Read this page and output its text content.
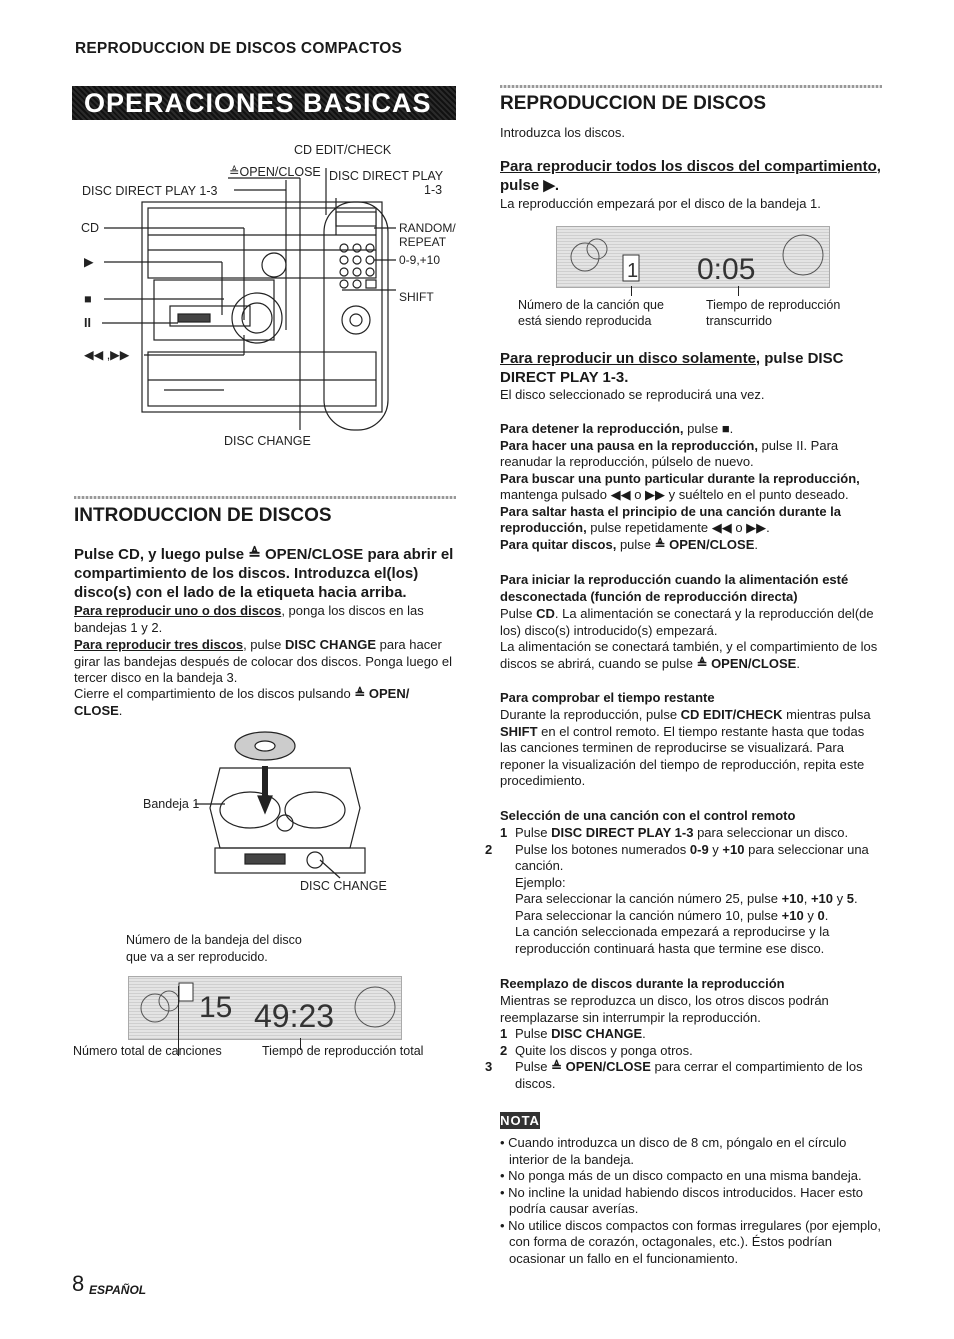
REPRODUCCION DE DISCOS COMPACTOS
OPERACIONES BASICAS
CD EDIT/CHECK
≜OPEN/CLOSE DISC DIRECT PLAY
1-3
DISC DIRECT PLAY 1-3
CD
▶
■
II
◀◀ ,▶▶
RANDOM/
REPEAT
0-9,+10
SHIFT
DISC CHANGE
INTRODUCCION DE DISCOS
Pulse CD, y luego pulse ≜ OPEN/CLOSE para abrir el compartimiento de los discos. Introduzca el(los) disco(s) con el lado de la etiqueta hacia arriba.
Para reproducir uno o dos discos, ponga los discos en las bandejas 1 y 2.
Para reproducir tres discos, pulse DISC CHANGE para hacer girar las bandejas después de colocar dos discos. Ponga luego el tercer disco en la bandeja 3.
Cierre el compartimiento de los discos pulsando ≜ OPEN/ CLOSE.
Bandeja 1
DISC CHANGE
Número de la bandeja del disco
que va a ser reproducido.
15 49:23
Número total de canciones	Tiempo de reproducción total
8 ESPAÑOL
REPRODUCCION DE DISCOS
Introduzca los discos.
Para reproducir todos los discos del compartimiento, pulse ▶.
La reproducción empezará por el disco de la bandeja 1.
1 0:05
Número de la canción que
está siendo reproducida
Tiempo de reproducción
transcurrido
Para reproducir un disco solamente, pulse DISC DIRECT PLAY 1-3.
El disco seleccionado se reproducirá una vez.
Para detener la reproducción, pulse ■.
Para hacer una pausa en la reproducción, pulse II. Para reanudar la reproducción, púlselo de nuevo.
Para buscar una punto particular durante la reproducción, mantenga pulsado ◀◀ o ▶▶ y suéltelo en el punto deseado.
Para saltar hasta el principio de una canción durante la reproducción, pulse repetidamente ◀◀ o ▶▶.
Para quitar discos, pulse ≜ OPEN/CLOSE.
Para iniciar la reproducción cuando la alimentación esté desconectada (función de reproducción directa)
Pulse CD. La alimentación se conectará y la reproducción del(de los) disco(s) introducido(s) empezará.
La alimentación se conectará también, y el compartimiento de los discos se abrirá, cuando se pulse ≜ OPEN/CLOSE.
Para comprobar el tiempo restante
Durante la reproducción, pulse CD EDIT/CHECK mientras pulsa SHIFT en el control remoto. El tiempo restante hasta que todas las canciones terminen de reproducirse se visualizará. Para reponer la visualización del tiempo de reproducción, repita este procedimiento.
Selección de una canción con el control remoto
1 Pulse DISC DIRECT PLAY 1-3 para seleccionar un disco.
2 Pulse los botones numerados 0-9 y +10 para seleccionar una canción.
Ejemplo:
Para seleccionar la canción número 25, pulse +10, +10 y 5.
Para seleccionar la canción número 10, pulse +10 y 0.
La canción seleccionada empezará a reproducirse y la reproducción continuará hasta que termine ese disco.
Reemplazo de discos durante la reproducción
Mientras se reproduzca un disco, los otros discos podrán reemplazarse sin interrumpir la reproducción.
1 Pulse DISC CHANGE.
2 Quite los discos y ponga otros.
3 Pulse ≜ OPEN/CLOSE para cerrar el compartimiento de los discos.
NOTA
• Cuando introduzca un disco de 8 cm, póngalo en el círculo interior de la bandeja.
• No ponga más de un disco compacto en una misma bandeja.
• No incline la unidad habiendo discos introducidos. Hacer esto podría causar averías.
• No utilice discos compactos con formas irregulares (por ejemplo, con forma de corazón, octagonales, etc.). Éstos podrían ocasionar un fallo en el funcionamiento.
